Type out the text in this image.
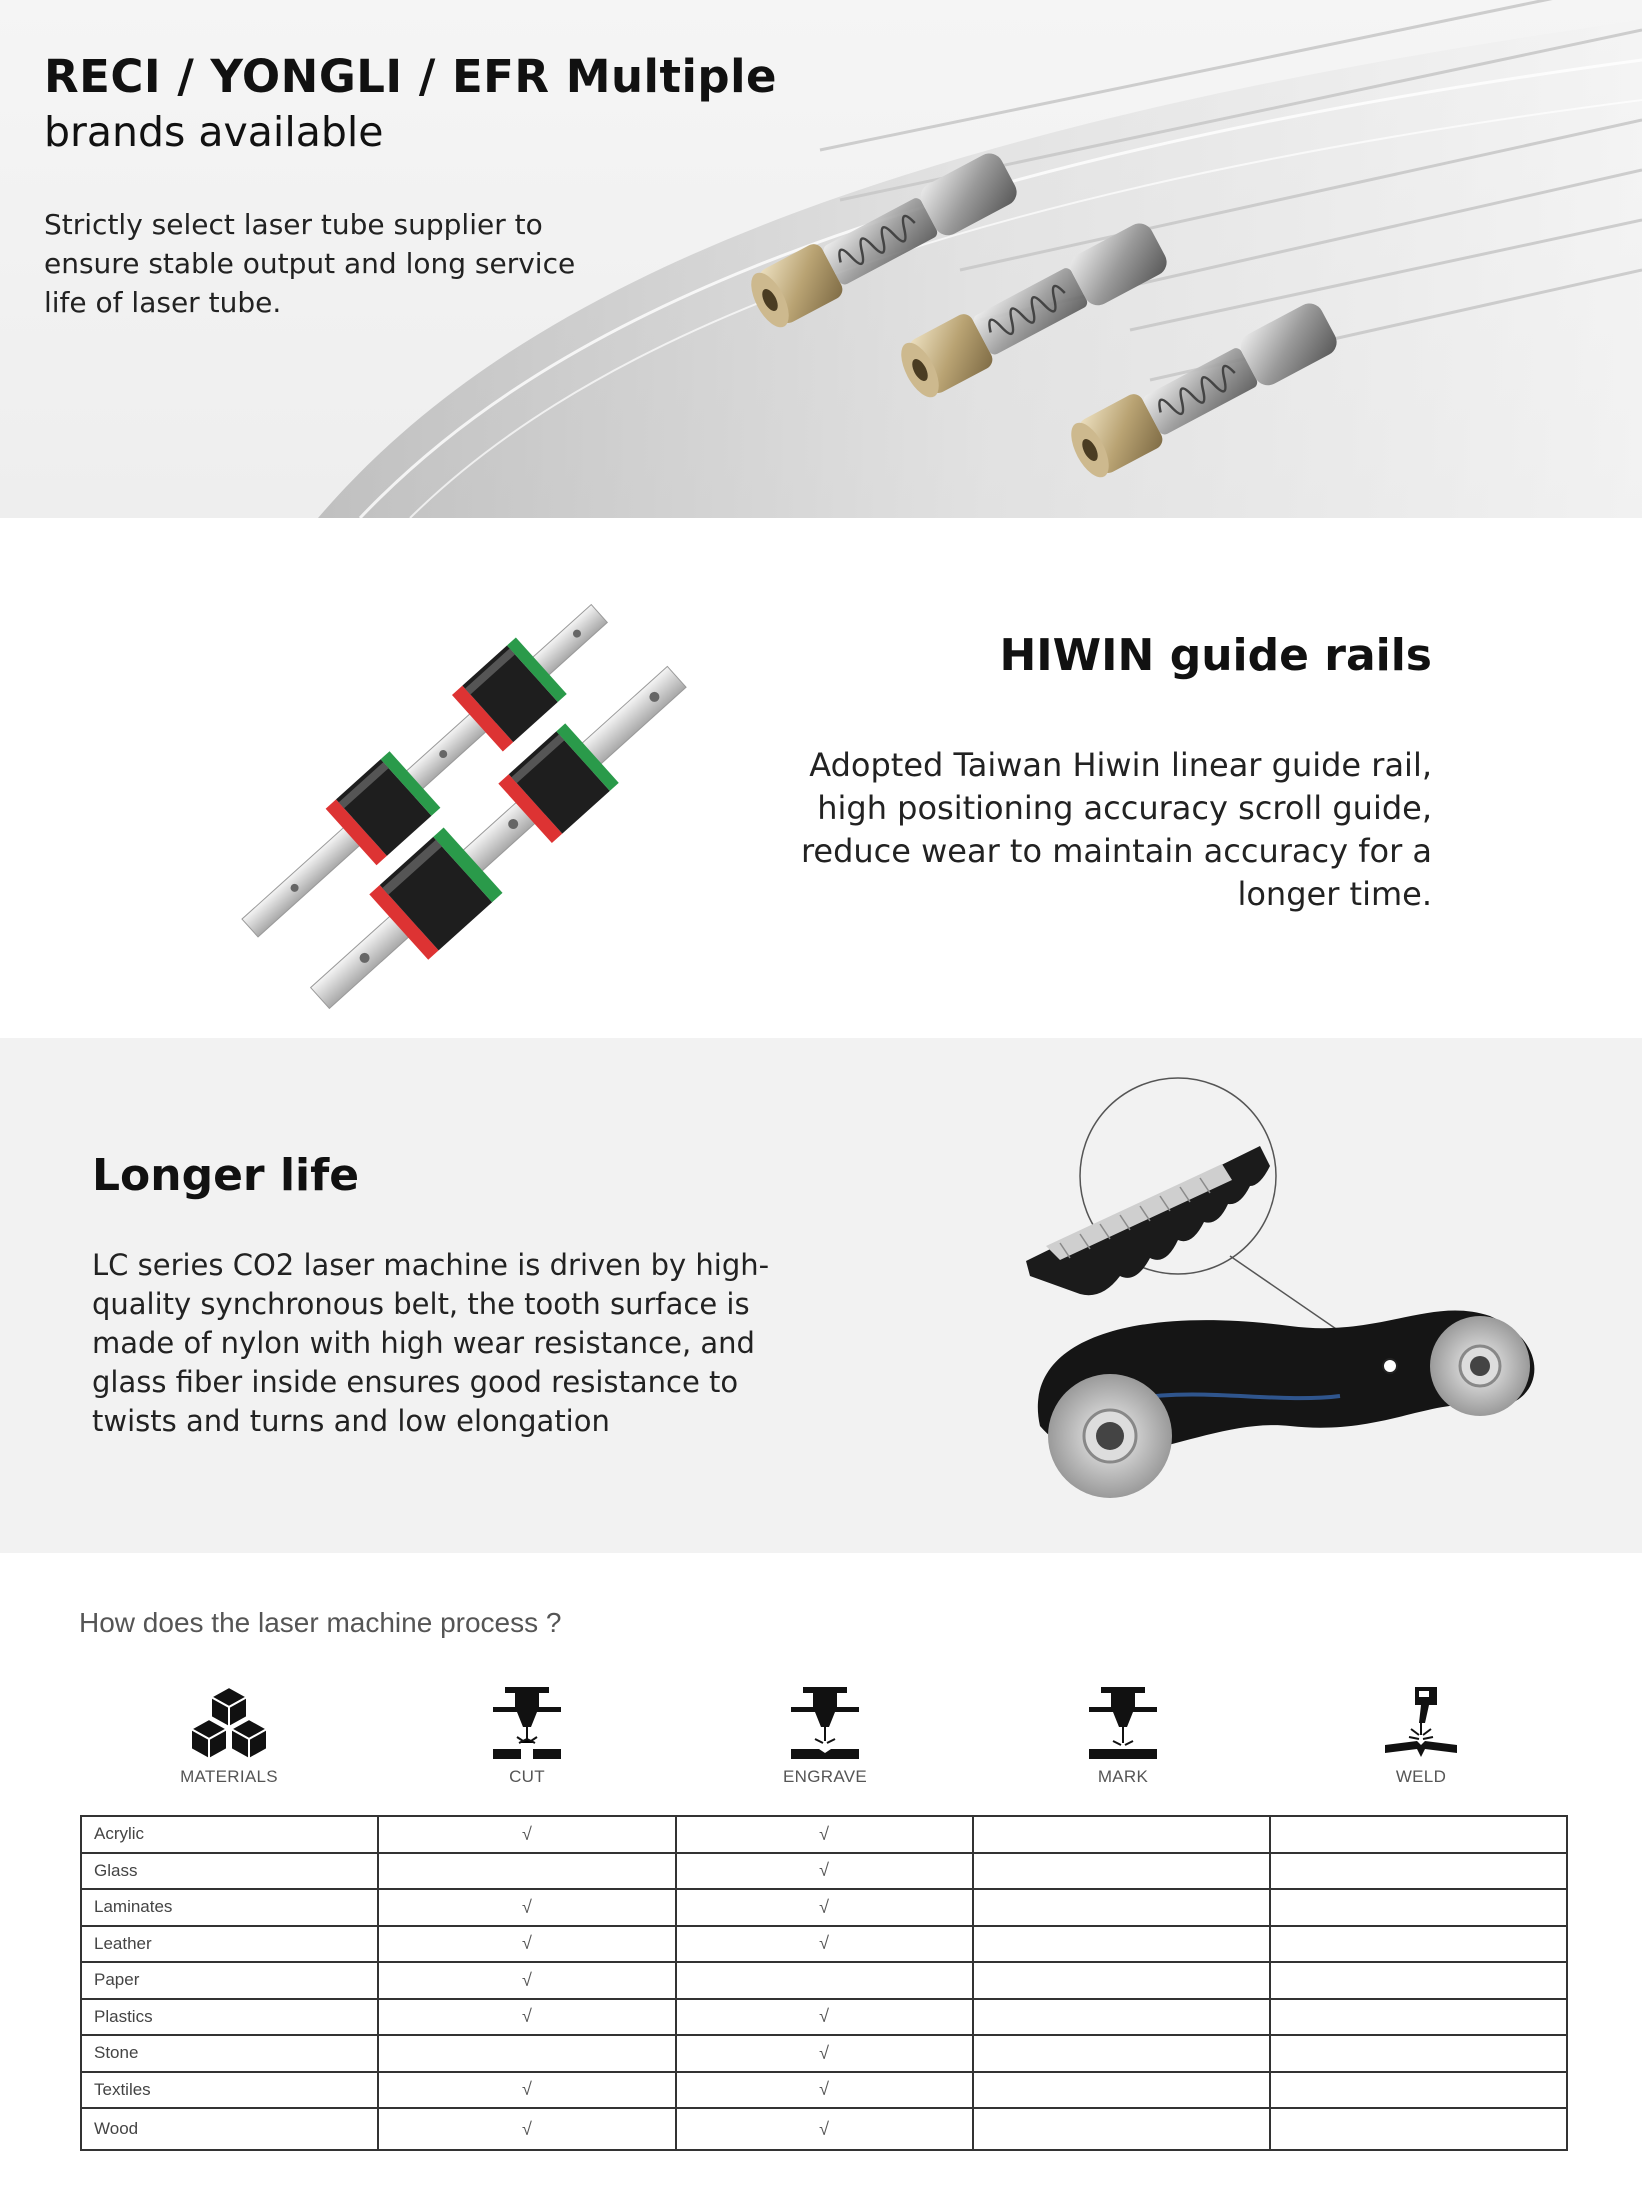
RECI / YONGLI / EFR Multiple
brands available
Strictly select laser tube supplier to ensure stable output and long service life of laser tube.
HIWIN guide rails
Adopted Taiwan Hiwin linear guide rail, high positioning accuracy scroll guide, reduce wear to maintain accuracy for a longer time.
Longer life
LC series CO2 laser machine is driven by high-quality synchronous belt, the tooth surface is made of nylon with high wear resistance, and glass fiber inside ensures good resistance to twists and turns and low elongation
How does the laser machine process ?
MATERIALS	CUT	ENGRAVE	MARK	WELD
Acrylic	√	√		
Glass		√		
Laminates	√	√		
Leather	√	√		
Paper	√			
Plastics	√	√		
Stone		√		
Textiles	√	√		
Wood	√	√		
